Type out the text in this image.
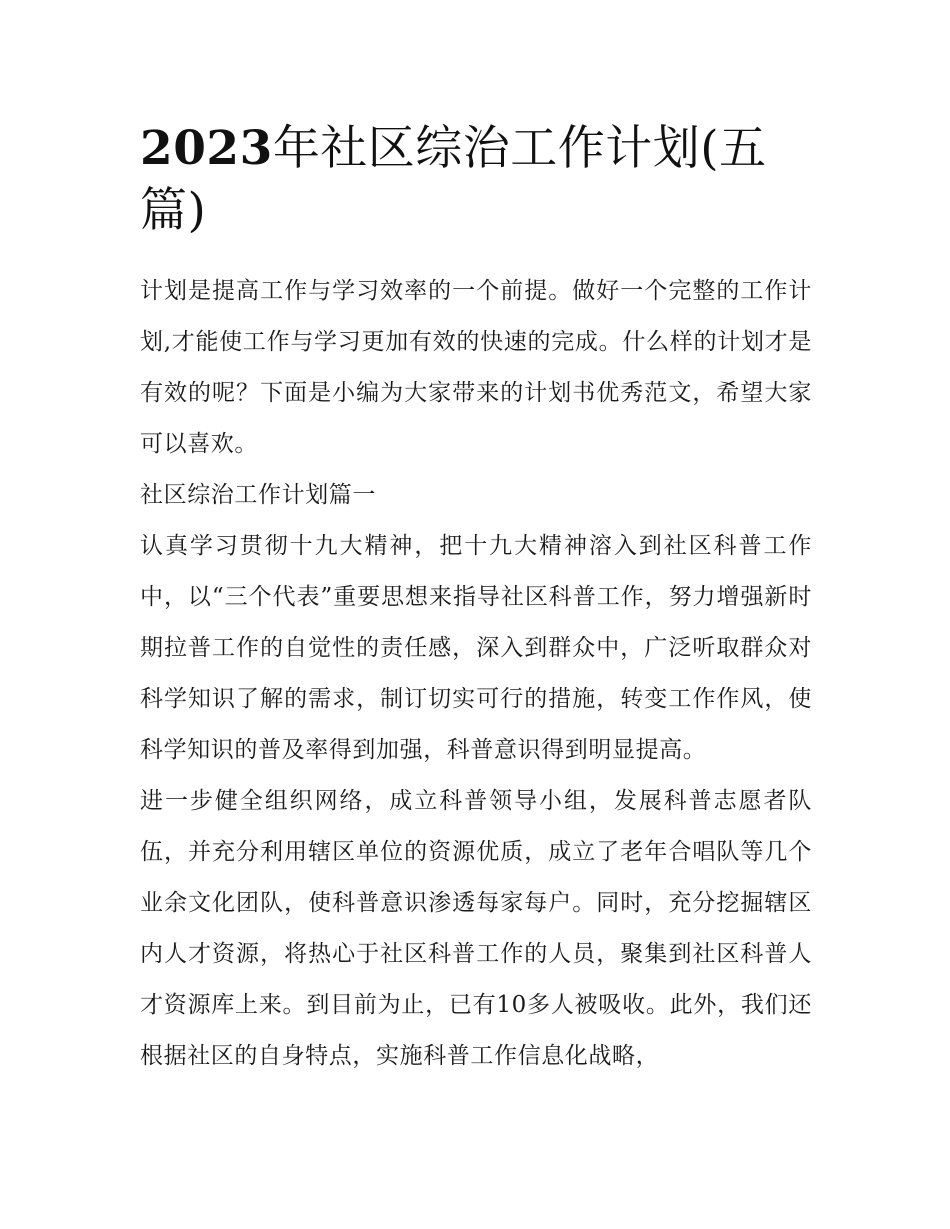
2023年社区综治工作计划(五篇)

计划是提高工作与学习效率的一个前提。做好一个完整的工作计划,才能使工作与学习更加有效的快速的完成。什么样的计划才是有效的呢？下面是小编为大家带来的计划书优秀范文，希望大家可以喜欢。

社区综治工作计划篇一

认真学习贯彻十九大精神，把十九大精神溶入到社区科普工作中，以“三个代表”重要思想来指导社区科普工作，努力增强新时期拉普工作的自觉性的责任感，深入到群众中，广泛听取群众对科学知识了解的需求，制订切实可行的措施，转变工作作风，使科学知识的普及率得到加强，科普意识得到明显提高。

进一步健全组织网络，成立科普领导小组，发展科普志愿者队伍，并充分利用辖区单位的资源优质，成立了老年合唱队等几个业余文化团队，使科普意识渗透每家每户。同时，充分挖掘辖区内人才资源，将热心于社区科普工作的人员，聚集到社区科普人才资源库上来。到目前为止，已有10多人被吸收。此外，我们还根据社区的自身特点，实施科普工作信息化战略，
